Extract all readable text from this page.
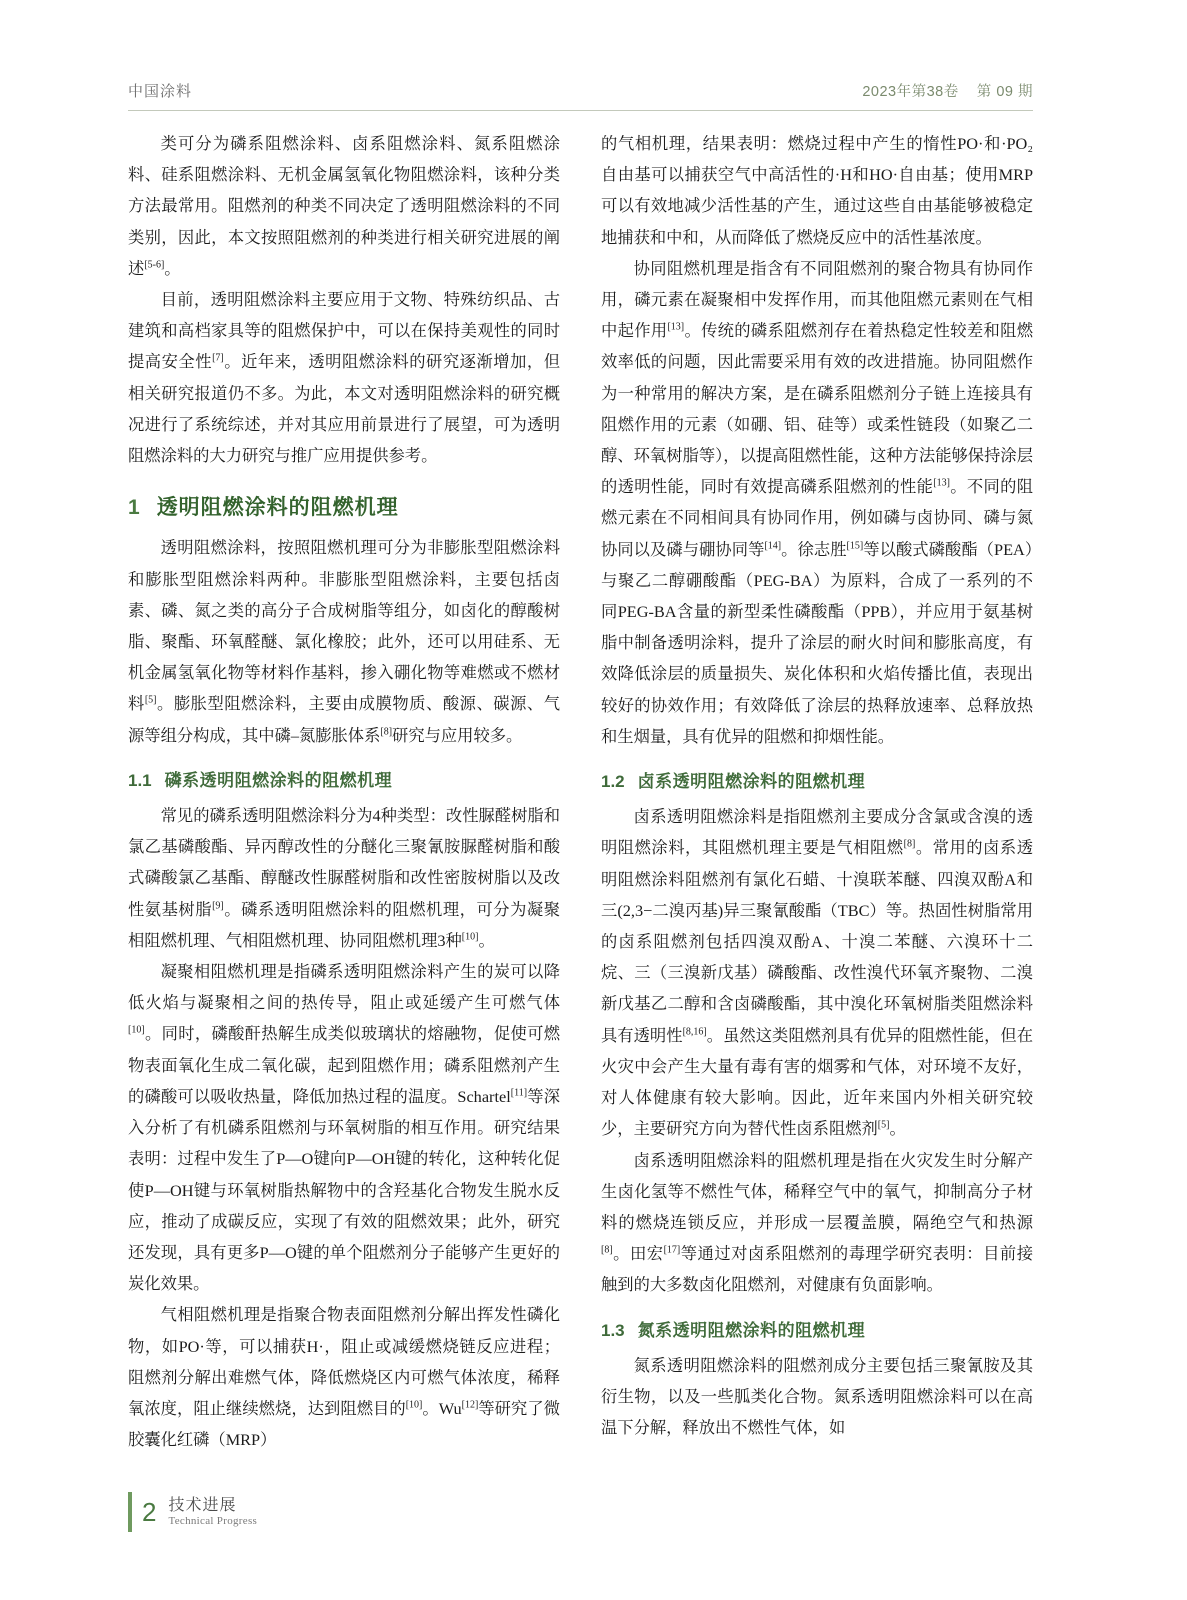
中国涂料	2023年第38卷    第 09 期

类可分为磷系阻燃涂料、卤系阻燃涂料、氮系阻燃涂料、硅系阻燃涂料、无机金属氢氧化物阻燃涂料，该种分类方法最常用。阻燃剂的种类不同决定了透明阻燃涂料的不同类别，因此，本文按照阻燃剂的种类进行相关研究进展的阐述[5-6]。

目前，透明阻燃涂料主要应用于文物、特殊纺织品、古建筑和高档家具等的阻燃保护中，可以在保持美观性的同时提高安全性[7]。近年来，透明阻燃涂料的研究逐渐增加，但相关研究报道仍不多。为此，本文对透明阻燃涂料的研究概况进行了系统综述，并对其应用前景进行了展望，可为透明阻燃涂料的大力研究与推广应用提供参考。

1 透明阻燃涂料的阻燃机理

透明阻燃涂料，按照阻燃机理可分为非膨胀型阻燃涂料和膨胀型阻燃涂料两种。非膨胀型阻燃涂料，主要包括卤素、磷、氮之类的高分子合成树脂等组分，如卤化的醇酸树脂、聚酯、环氧醛醚、氯化橡胶；此外，还可以用硅系、无机金属氢氧化物等材料作基料，掺入硼化物等难燃或不燃材料[5]。膨胀型阻燃涂料，主要由成膜物质、酸源、碳源、气源等组分构成，其中磷–氮膨胀体系[8]研究与应用较多。

1.1 磷系透明阻燃涂料的阻燃机理

常见的磷系透明阻燃涂料分为4种类型：改性脲醛树脂和氯乙基磷酸酯、异丙醇改性的分醚化三聚氰胺脲醛树脂和酸式磷酸氯乙基酯、醇醚改性脲醛树脂和改性密胺树脂以及改性氨基树脂[9]。磷系透明阻燃涂料的阻燃机理，可分为凝聚相阻燃机理、气相阻燃机理、协同阻燃机理3种[10]。

凝聚相阻燃机理是指磷系透明阻燃涂料产生的炭可以降低火焰与凝聚相之间的热传导，阻止或延缓产生可燃气体[10]。同时，磷酸酐热解生成类似玻璃状的熔融物，促使可燃物表面氧化生成二氧化碳，起到阻燃作用；磷系阻燃剂产生的磷酸可以吸收热量，降低加热过程的温度。Schartel[11]等深入分析了有机磷系阻燃剂与环氧树脂的相互作用。研究结果表明：过程中发生了P—O键向P—OH键的转化，这种转化促使P—OH键与环氧树脂热解物中的含羟基化合物发生脱水反应，推动了成碳反应，实现了有效的阻燃效果；此外，研究还发现，具有更多P—O键的单个阻燃剂分子能够产生更好的炭化效果。

气相阻燃机理是指聚合物表面阻燃剂分解出挥发性磷化物，如PO·等，可以捕获H·，阻止或减缓燃烧链反应进程；阻燃剂分解出难燃气体，降低燃烧区内可燃气体浓度，稀释氧浓度，阻止继续燃烧，达到阻燃目的[10]。Wu[12]等研究了微胶囊化红磷（MRP）

的气相机理，结果表明：燃烧过程中产生的惰性PO·和·PO₂自由基可以捕获空气中高活性的·H和HO·自由基；使用MRP可以有效地减少活性基的产生，通过这些自由基能够被稳定地捕获和中和，从而降低了燃烧反应中的活性基浓度。

协同阻燃机理是指含有不同阻燃剂的聚合物具有协同作用，磷元素在凝聚相中发挥作用，而其他阻燃元素则在气相中起作用[13]。传统的磷系阻燃剂存在着热稳定性较差和阻燃效率低的问题，因此需要采用有效的改进措施。协同阻燃作为一种常用的解决方案，是在磷系阻燃剂分子链上连接具有阻燃作用的元素（如硼、铝、硅等）或柔性链段（如聚乙二醇、环氧树脂等），以提高阻燃性能，这种方法能够保持涂层的透明性能，同时有效提高磷系阻燃剂的性能[13]。不同的阻燃元素在不同相间具有协同作用，例如磷与卤协同、磷与氮协同以及磷与硼协同等[14]。徐志胜[15]等以酸式磷酸酯（PEA）与聚乙二醇硼酸酯（PEG-BA）为原料，合成了一系列的不同PEG-BA含量的新型柔性磷酸酯（PPB），并应用于氨基树脂中制备透明涂料，提升了涂层的耐火时间和膨胀高度，有效降低涂层的质量损失、炭化体积和火焰传播比值，表现出较好的协效作用；有效降低了涂层的热释放速率、总释放热和生烟量，具有优异的阻燃和抑烟性能。

1.2 卤系透明阻燃涂料的阻燃机理

卤系透明阻燃涂料是指阻燃剂主要成分含氯或含溴的透明阻燃涂料，其阻燃机理主要是气相阻燃[8]。常用的卤系透明阻燃涂料阻燃剂有氯化石蜡、十溴联苯醚、四溴双酚A和三(2,3−二溴丙基)异三聚氰酸酯（TBC）等。热固性树脂常用的卤系阻燃剂包括四溴双酚A、十溴二苯醚、六溴环十二烷、三（三溴新戊基）磷酸酯、改性溴代环氧齐聚物、二溴新戊基乙二醇和含卤磷酸酯，其中溴化环氧树脂类阻燃涂料具有透明性[8,16]。虽然这类阻燃剂具有优异的阻燃性能，但在火灾中会产生大量有毒有害的烟雾和气体，对环境不友好，对人体健康有较大影响。因此，近年来国内外相关研究较少，主要研究方向为替代性卤系阻燃剂[5]。

卤系透明阻燃涂料的阻燃机理是指在火灾发生时分解产生卤化氢等不燃性气体，稀释空气中的氧气，抑制高分子材料的燃烧连锁反应，并形成一层覆盖膜，隔绝空气和热源[8]。田宏[17]等通过对卤系阻燃剂的毒理学研究表明：目前接触到的大多数卤化阻燃剂，对健康有负面影响。

1.3 氮系透明阻燃涂料的阻燃机理

氮系透明阻燃涂料的阻燃剂成分主要包括三聚氰胺及其衍生物，以及一些胍类化合物。氮系透明阻燃涂料可以在高温下分解，释放出不燃性气体，如

2 技术进展
Technical Progress
